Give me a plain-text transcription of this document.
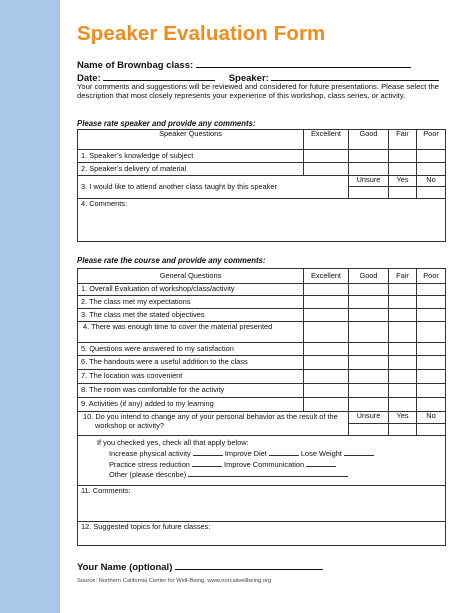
Speaker Evaluation Form
Name of Brownbag class:
Date:	Speaker:
Your comments and suggestions will be reviewed and considered for future presentations. Please select the description that most closely represents your experience of this workshop, class series, or activity.
Please rate speaker and provide any comments:
Speaker Questions	Excellent	Good	Fair	Poor
1. Speaker’s knowledge of subject				
2. Speaker’s delivery of material				
3. I would like to attend another class taught by this speaker		Unsure	Yes	No

4. Comments:				
Please rate the course and provide any comments:
General Questions	Excellent	Good	Fair	Poor
1. Overall Evaluation of workshop/class/activity				
2. The class met my expectations				
3. The class met the stated objectives				

4. There was enough time to cover the material presented				

5. Questions were answered to my satisfaction				
6. The handouts were a useful addition to the class				
7. The location was convenient				
8. The room was comfortable for the activity				
9. Activities (if any) added to my learning				

10. Do you intend to change any of your personal behavior as the result of the workshop or activity?		Unsure	Yes	No

If you checked yes, check all that apply below:
Increase physical activity Improve Diet Lose Weight
Practice stress reduction Improve Communication
Other (please describe)				

11. Comments:				

12. Suggested topics for future classes:				
Your Name (optional)
Source: Northern California Center for Well-Being, www.norcalwellbeing.org
